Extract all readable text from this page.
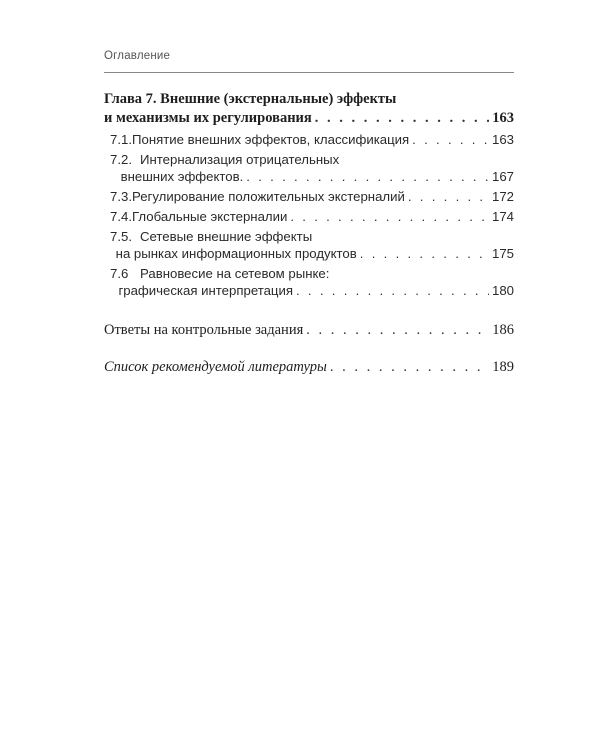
Оглавление
Глава 7. Внешние (экстернальные) эффекты
и механизмы их регулирования . . .	163
7.1. Понятие внешних эффектов, классификация . . .	163
7.2. Интернализация отрицательных
внешних эффектов. . . .	167
7.3. Регулирование положительных экстерналий . . .	172
7.4. Глобальные экстерналии . . .	174
7.5. Сетевые внешние эффекты
на рынках информационных продуктов . . .	175
7.6 Равновесие на сетевом рынке:
графическая интерпретация . . .	180
Ответы на контрольные задания . . .	186
Список рекомендуемой литературы . . .	189
